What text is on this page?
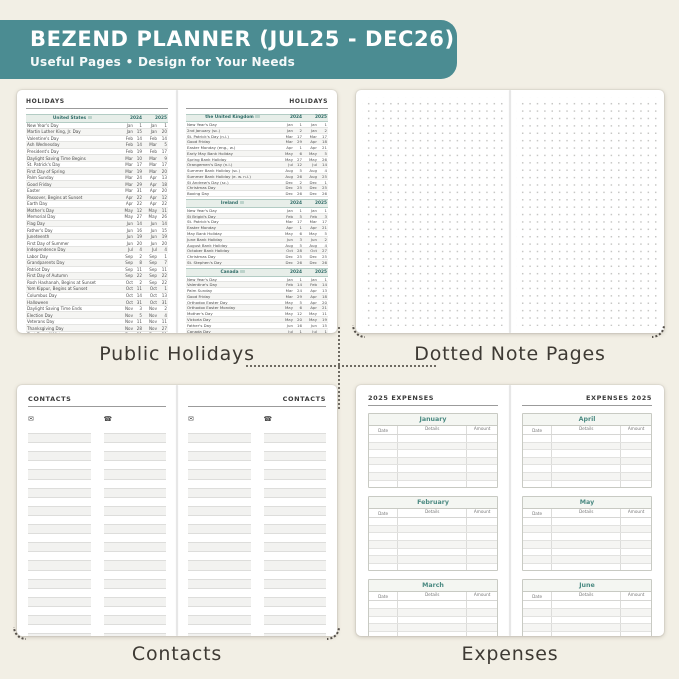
BEZEND PLANNER (JUL25 - DEC26)
Useful Pages • Design for Your Needs
HOLIDAYS
United States	2024	2025
New Year's Day	Jan	1	Jan	1
Martin Luther King, Jr. Day	Jan 15	Jan	20
Valentine's Day	Feb 14	Feb	14
Ash Wednesday	Feb 14	Mar	5
President's Day	Feb 19	Feb	17
Daylight Saving Time Begins	Mar 10	Mar	9
St. Patrick's Day	Mar 17	Mar	17
First Day of Spring	Mar 19	Mar	20
Palm Sunday	Mar 24	Apr	13
Good Friday	Mar 29	Apr	18
Easter	Mar 31	Apr	20
Passover, Begins at Sunset	Apr 22	Apr	12
Earth Day	Apr 22	Apr	22
Mother's Day	May 12	May	11
Memorial Day	May 27	May	26
Flag Day	Jun 14	Jun	14
Father's Day	Jun 16	Jun	15
Juneteenth	Jun 19	Jun	19
First Day of Summer	Jun 20	Jun	20
Independence Day	Jul	4	Jul	4
Labor Day	Sep	2	Sep	1
Grandparents Day	Sep	8	Sep	7
Patriot Day	Sep 11	Sep	11
First Day of Autumn	Sep 22	Sep	22
Rosh Hashanah, Begins at Sunset	Oct	2	Sep	22
Yom Kippur, Begins at Sunset	Oct 11	Oct	1
Columbus Day	Oct 14	Oct	13
Halloween	Oct 31	Oct	31
Daylight Saving Time Ends	Nov	3	Nov	2
Election Day	Nov	5	Nov	4
Veterans Day	Nov 11	Nov	11
Thanksgiving Day	Nov 28	Nov	27
HOLIDAYS
the United Kingdom	2024	2025
New Year's Day	Jan	1	Jan	1
2nd January (sc.)	Jan	2	Jan	2
St. Patrick's Day (n.i.)	Mar	17	Mar	17
Good Friday	Mar	29	Apr	18
Easter Monday (eng., w.)	Apr	1	Apr	21
Early May Bank Holiday	May	6	May	5
Spring Bank Holiday	May	27	May	26
Orangemen's Day (n.i.)	Jul	12	Jul	14
Summer Bank Holiday (sc.)	Aug	5	Aug	4
Summer Bank Holiday (e. w. n.i.)	Aug	26	Aug	25
St Andrew's Day (sc.)	Dec	2	Dec	1
Christmas Day	Dec	25	Dec	25
Boxing Day	Dec	26	Dec	26
Ireland	2024	2025
New Year's Day	Jan	1	Jan	1
St Brigid's Day	Feb	5	Feb	3
St. Patrick's Day	Mar	17	Mar	17
Easter Monday	Apr	1	Apr	21
May Bank Holiday	May	6	May	5
June Bank Holiday	Jun	3	Jun	2
August Bank Holiday	Aug	5	Aug	4
October Bank Holiday	Oct	28	Oct	27
Christmas Day	Dec	25	Dec	25
St. Stephen's Day	Dec	26	Dec	26
Canada	2024	2025
New Year's Day	Jan	1	Jan	1
Valentine's Day	Feb	14	Feb	14
Palm Sunday	Mar	24	Apr	13
Good Friday	Mar	29	Apr	18
Orthodox Easter Day	May	5	Apr	20
Orthodox Easter Monday	May	6	Apr	21
Mother's Day	May	12	May	11
Victoria Day	May	20	May	19
Father's Day	Jun	16	Jun	15
Canada Day	Jul	1	Jul	1
CONTACTS
✉	☎
CONTACTS
✉	☎
2025 EXPENSES
January
Date	Details	Amount
February
Date	Details	Amount
March
Date	Details	Amount
EXPENSES 2025
April
Date	Details	Amount
May
Date	Details	Amount
June
Date	Details	Amount
Public Holidays	Dotted Note Pages
Contacts	Expenses
